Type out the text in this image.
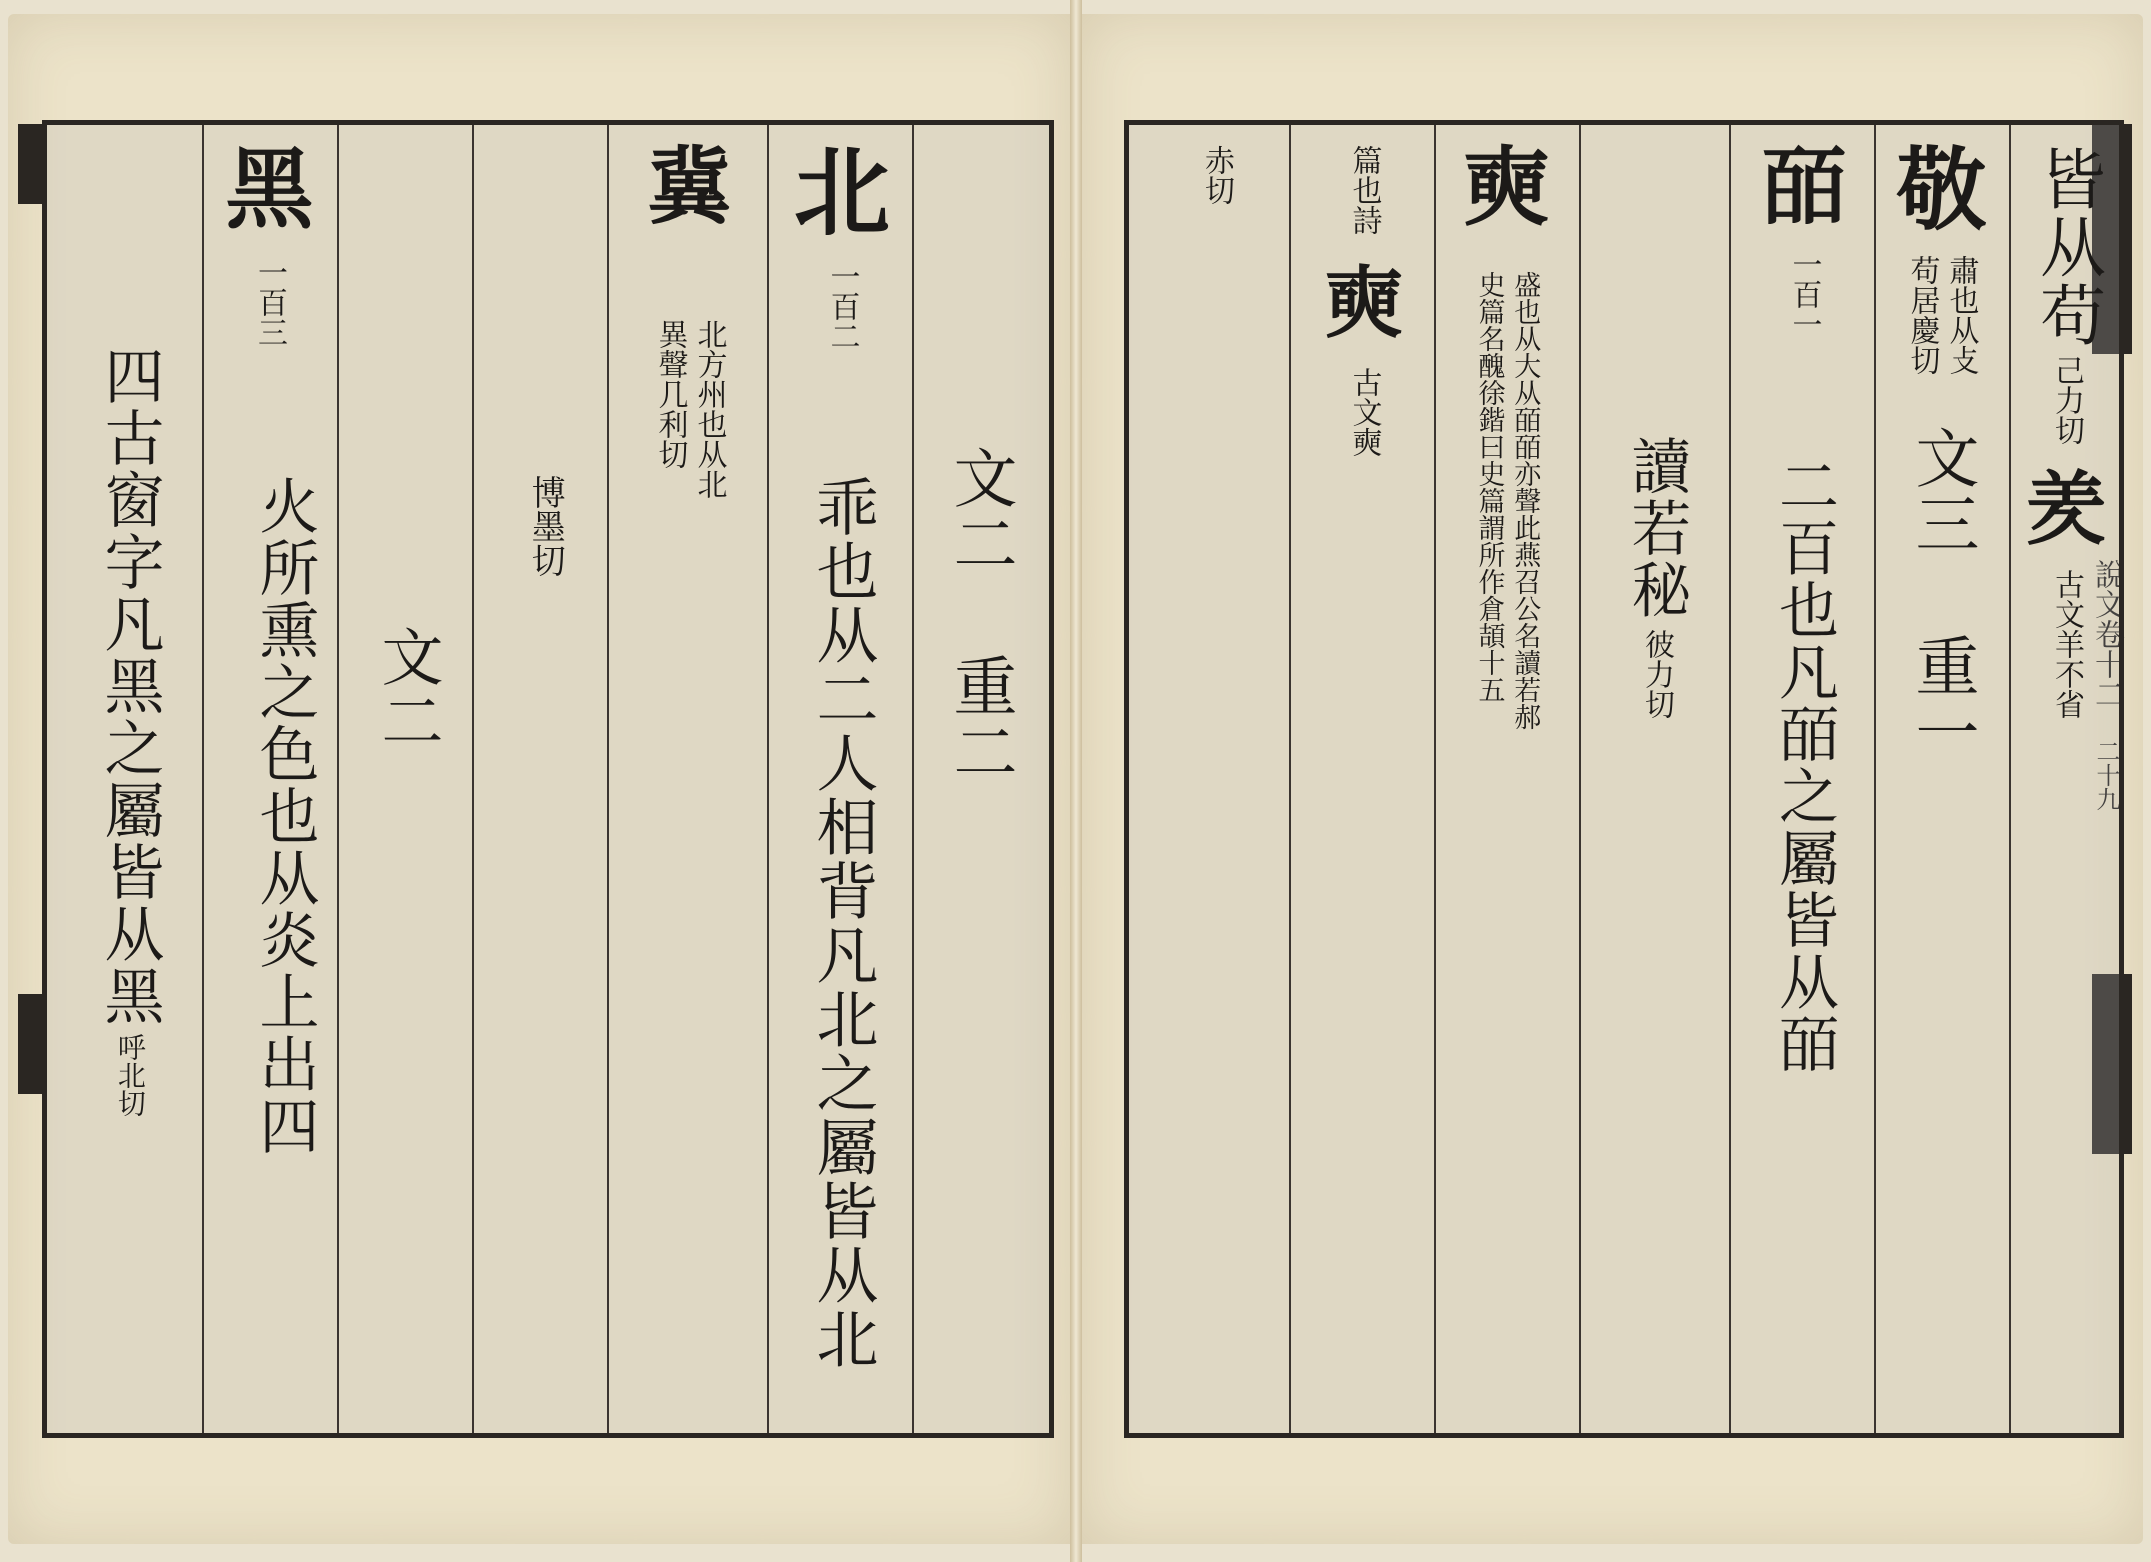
北
一百二
文二 重二
乖也从二人相背凡北之屬皆从北
冀
北方州也从北
異聲几利切
博墨切
文二
黑
一百三
火所熏之色也从炎上出四
四古窗字凡黑之屬皆从黑
呼北切
說文卷十二
二十九
皆从苟
己力切
羑
古文羊不省
敬
肅也从攴
苟居慶切
文三 重一
皕
一百一
二百也凡皕之屬皆从皕
讀若秘
彼力切
奭
盛也从大从皕皕亦聲此燕召公名讀若郝
史篇名醜徐鍇曰史篇謂所作倉頡十五
篇也詩
奭
古文奭
赤切
